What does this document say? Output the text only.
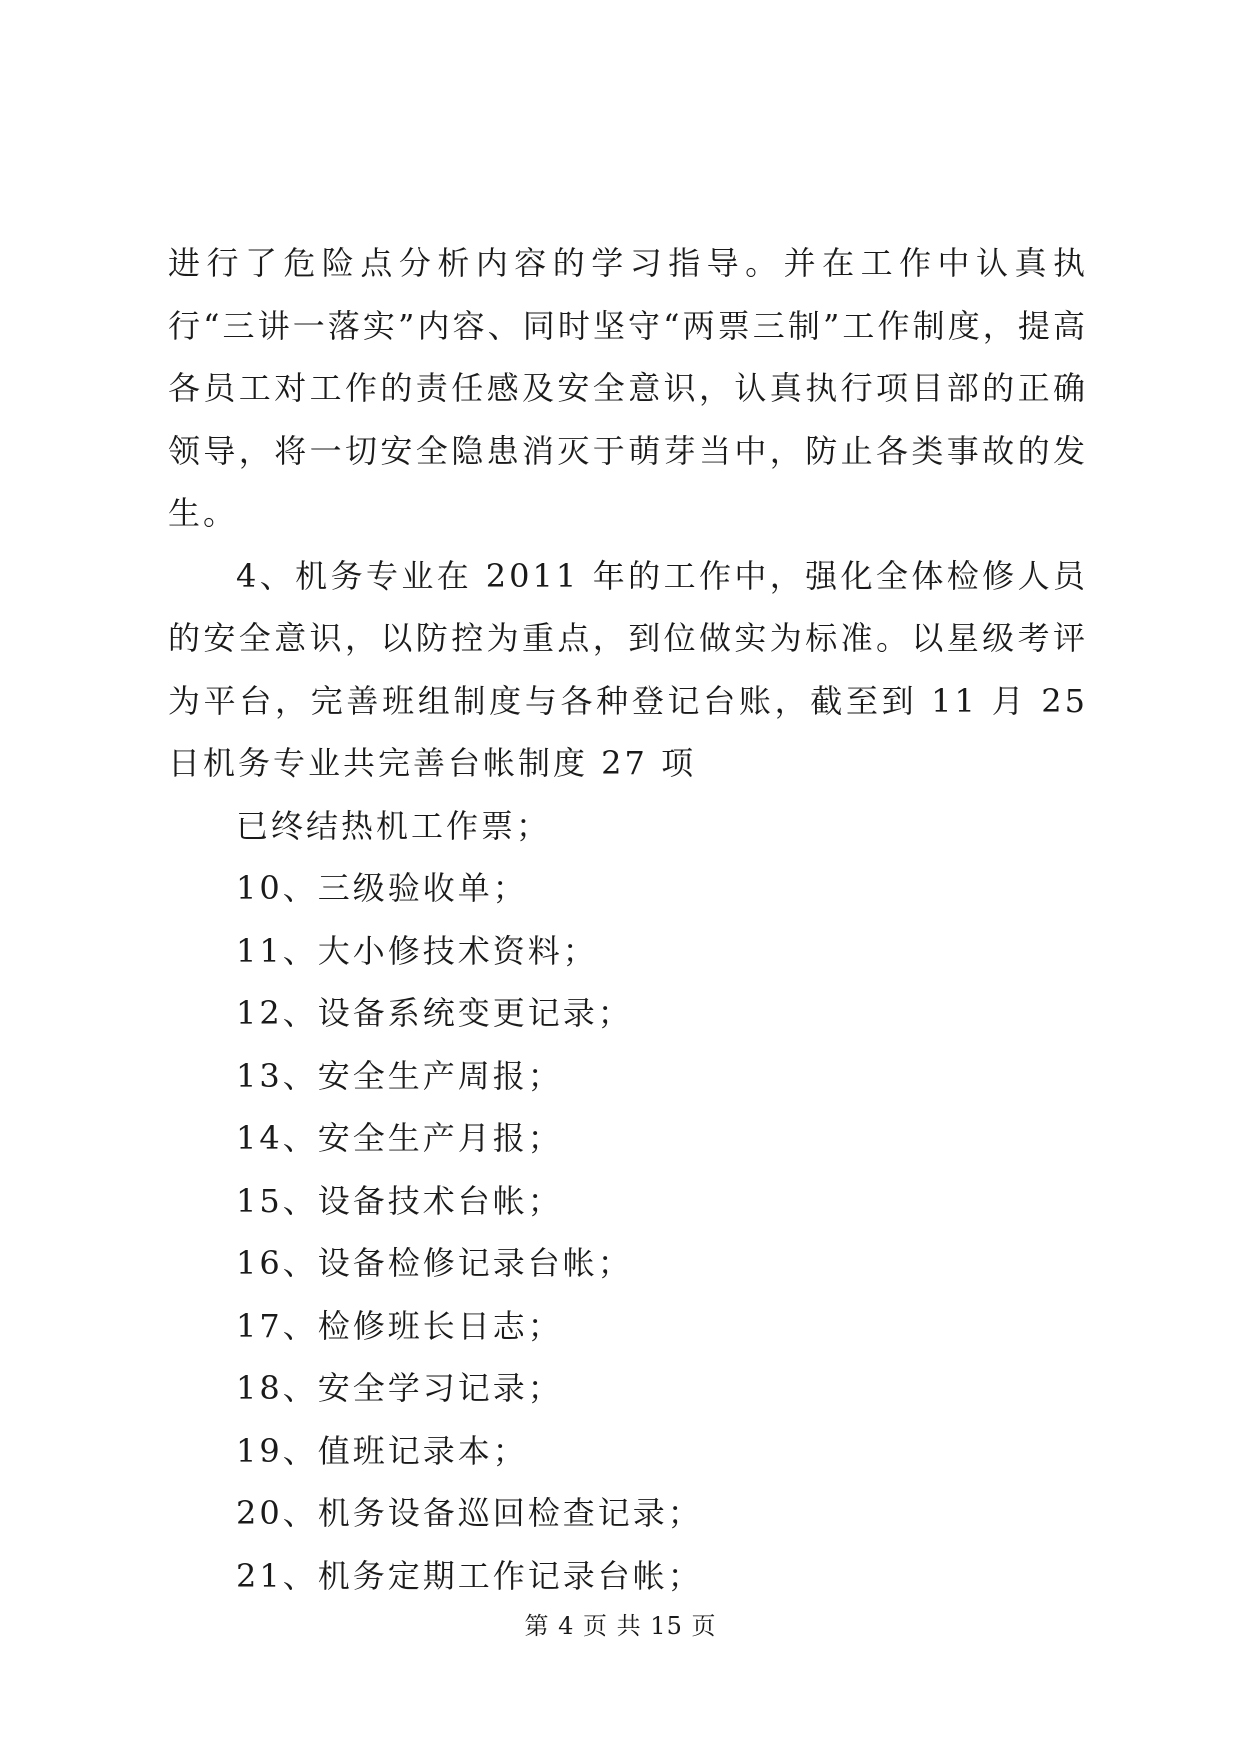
进行了危险点分析内容的学习指导。并在工作中认真执行“三讲一落实”内容、同时坚守“两票三制”工作制度，提高各员工对工作的责任感及安全意识，认真执行项目部的正确领导，将一切安全隐患消灭于萌芽当中，防止各类事故的发生。

4、机务专业在 2011 年的工作中，强化全体检修人员的安全意识，以防控为重点，到位做实为标准。以星级考评为平台，完善班组制度与各种登记台账，截至到 11 月 25 日机务专业共完善台帐制度 27 项

已终结热机工作票；
10、三级验收单；
11、大小修技术资料；
12、设备系统变更记录；
13、安全生产周报；
14、安全生产月报；
15、设备技术台帐；
16、设备检修记录台帐；
17、检修班长日志；
18、安全学习记录；
19、值班记录本；
20、机务设备巡回检查记录；
21、机务定期工作记录台帐；
第 4 页 共 15 页
